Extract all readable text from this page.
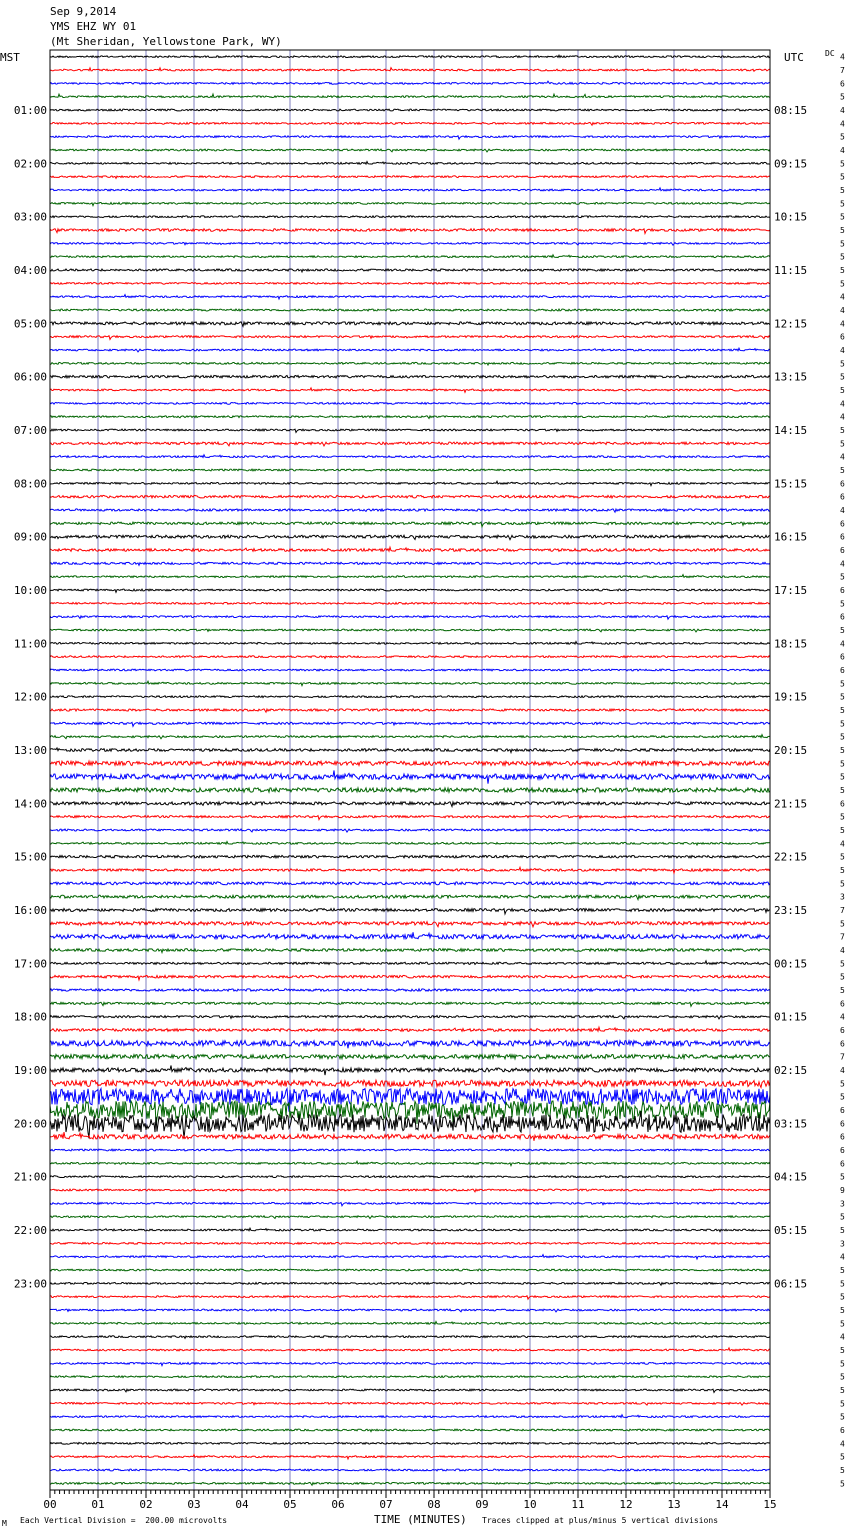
Sep 9,2014
YMS EHZ WY 01
(Mt Sheridan, Yellowstone Park, WY)
00	01	02	03	04	05	06	07	08	09	10	11	12	13	14	15
4
7
6
5
4
4
5
4
5
5
5
5
5
5
5
5
5
5
4
4
4
6
4
5
5
5
4
4
5
5
4
5
6
6
4
6
6
6
4
5
6
5
6
5
4
6
6
5
5
5
5
5
5
5
5
5
6
5
5
4
5
5
5
3
7
5
7
4
5
5
5
6
4
6
6
7
4
5
5
6
6
6
6
6
5
9
3
5
5
3
4
5
5
5
5
5
4
5
5
5
5
5
5
6
4
5
5
5
01:00
02:00
03:00
04:00
05:00
06:00
07:00
08:00
09:00
10:00
11:00
12:00
13:00
14:00
15:00
16:00
17:00
18:00
19:00
20:00
21:00
22:00
23:00
08:15
09:15
10:15
11:15
12:15
13:15
14:15
15:15
16:15
17:15
18:15
19:15
20:15
21:15
22:15
23:15
00:15
01:15
02:15
03:15
04:15
05:15
06:15
MST	UTC	DC
M Each Vertical Division =  200.00 microvolts	TIME (MINUTES) Traces clipped at plus/minus 5 vertical divisions
